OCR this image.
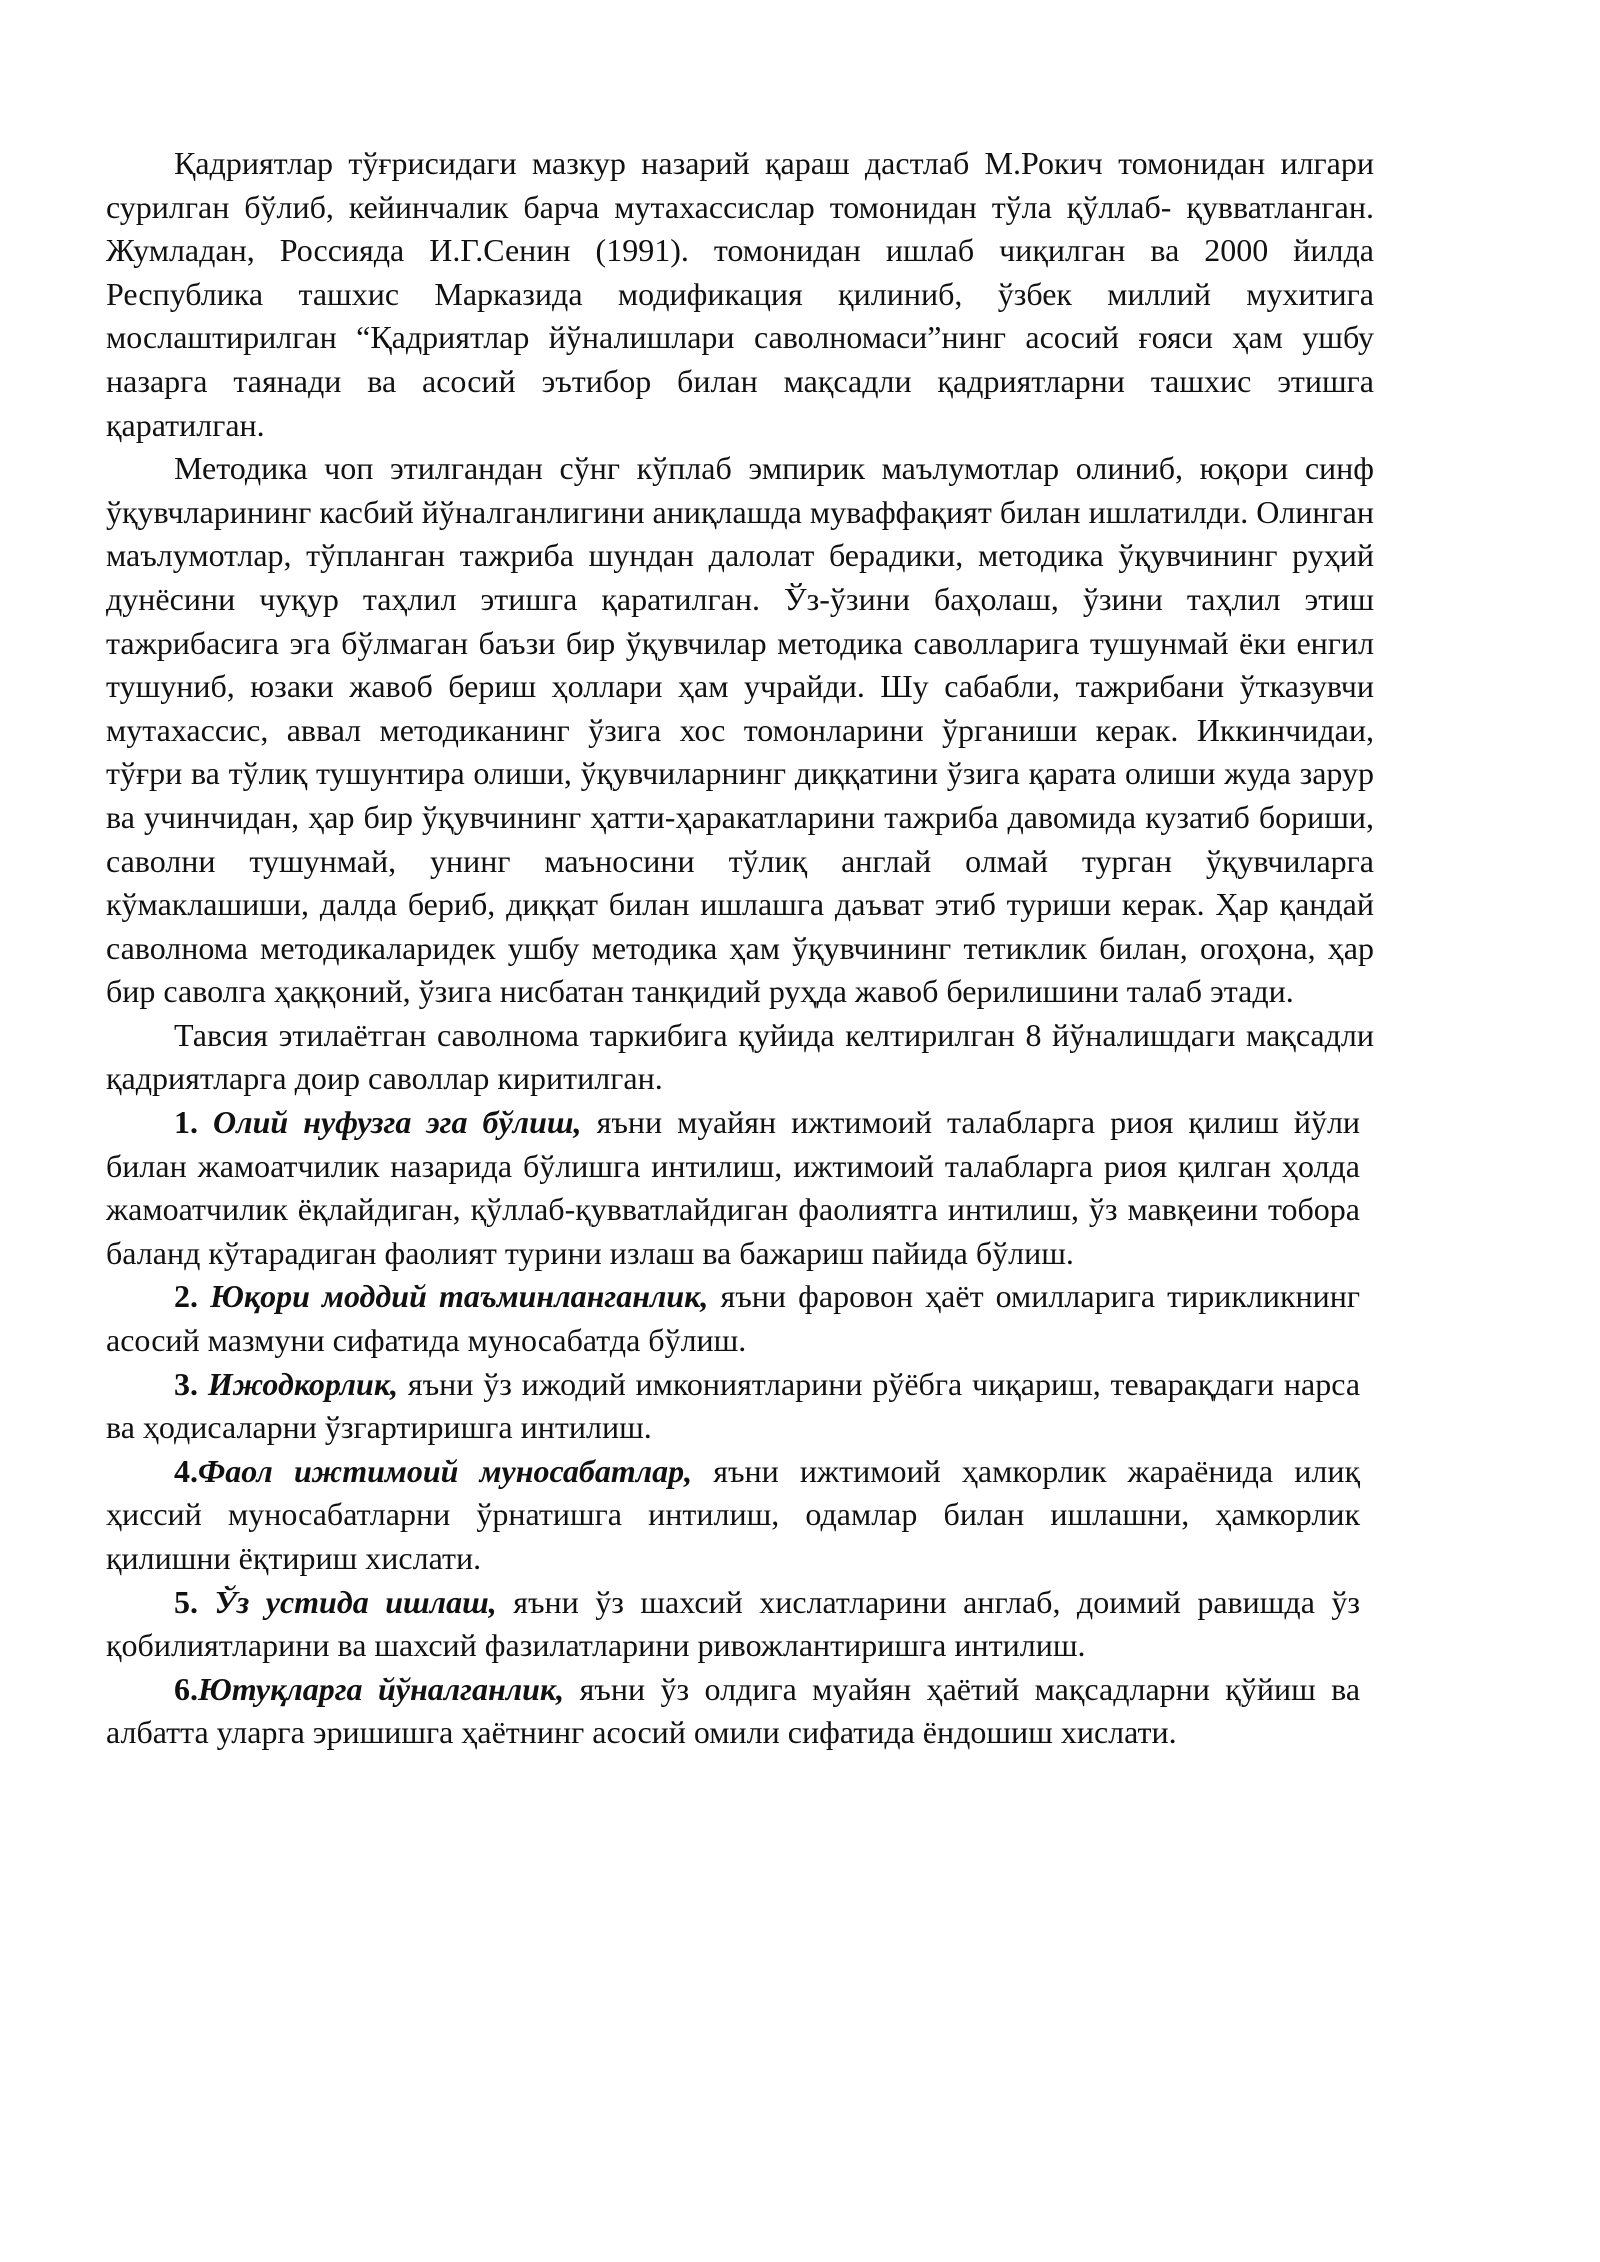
Қадриятлар тўғрисидаги мазкур назарий қараш дастлаб М.Рокич томонидан илгари сурилган бўлиб, кейинчалик барча мутахассислар томонидан тўла қўллаб- қувватланган. Жумладан, Россияда И.Г.Сенин (1991). томонидан ишлаб чиқилган ва 2000 йилда Республика ташхис Марказида модификация қилиниб, ўзбек миллий мухитига мослаштирилган “Қадриятлар йўналишлари саволномаси”нинг асосий ғояси ҳам ушбу назарга таянади ва асосий эътибор билан мақсадли қадриятларни ташхис этишга қаратилган.

Методика чоп этилгандан сўнг кўплаб эмпирик маълумотлар олиниб, юқори синф ўқувчларининг касбий йўналганлигини аниқлашда муваффақият билан ишлатилди. Олинган маълумотлар, тўпланган тажриба шундан далолат берадики, методика ўқувчининг руҳий дунёсини чуқур таҳлил этишга қаратилган. Ўз-ўзини баҳолаш, ўзини таҳлил этиш тажрибасига эга бўлмаган баъзи бир ўқувчилар методика саволларига тушунмай ёки енгил тушуниб, юзаки жавоб бериш ҳоллари ҳам учрайди. Шу сабабли, тажрибани ўтказувчи мутахассис, аввал методиканинг ўзига хос томонларини ўрганиши керак. Иккинчидаи, тўғри ва тўлиқ тушунтира олиши, ўқувчиларнинг диққатини ўзига қарата олиши жуда зарур ва учинчидан, ҳар бир ўқувчининг ҳатти-ҳаракатларини тажриба давомида кузатиб бориши, саволни тушунмай, унинг маъносини тўлиқ англай олмай турган ўқувчиларга кўмаклашиши, далда бериб, диққат билан ишлашга даъват этиб туриши керак. Ҳар қандай саволнома методикаларидек ушбу методика ҳам ўқувчининг тетиклик билан, огоҳона, ҳар бир саволга ҳаққоний, ўзига нисбатан танқидий руҳда жавоб берилишини талаб этади.

Тавсия этилаётган саволнома таркибига қуйида келтирилган 8 йўналишдаги мақсадли қадриятларга доир саволлар киритилган.

1. Олий нуфузга эга бўлиш, яъни муайян ижтимоий талабларга риоя қилиш йўли билан жамоатчилик назарида бўлишга интилиш, ижтимоий талабларга риоя қилган ҳолда жамоатчилик ёқлайдиган, қўллаб-қувватлайдиган фаолиятга интилиш, ўз мавқеини тобора баланд кўтарадиган фаолият турини излаш ва бажариш пайида бўлиш.

2. Юқори моддий таъминланганлик, яъни фаровон ҳаёт омилларига тирикликнинг асосий мазмуни сифатида муносабатда бўлиш.

3. Ижодкорлик, яъни ўз ижодий имкониятларини рўёбга чиқариш, теварақдаги нарса ва ҳодисаларни ўзгартиришга интилиш.

4.Фаол ижтимоий муносабатлар, яъни ижтимоий ҳамкорлик жараёнида илиқ ҳиссий муносабатларни ўрнатишга интилиш, одамлар билан ишлашни, ҳамкорлик қилишни ёқтириш хислати.

5. Ўз устида ишлаш, яъни ўз шахсий хислатларини англаб, доимий равишда ўз қобилиятларини ва шахсий фазилатларини ривожлантиришга интилиш.

6.Ютуқларга йўналганлик, яъни ўз олдига муайян ҳаётий мақсадларни қўйиш ва албатта уларга эришишга ҳаётнинг асосий омили сифатида ёндошиш хислати.
